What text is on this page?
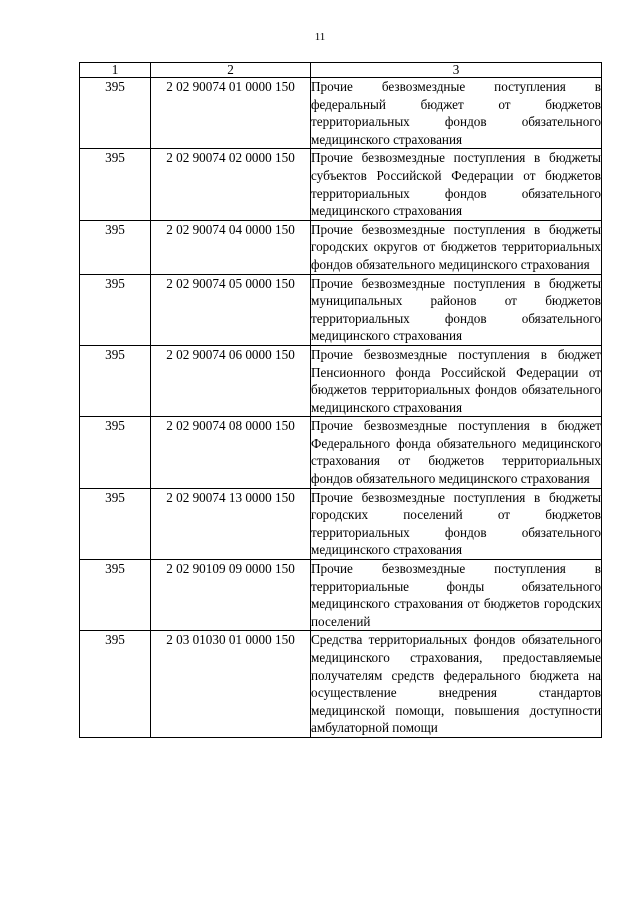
11
1	2	3
395	2 02 90074 01 0000 150	Прочие безвозмездные поступления в федеральный бюджет от бюджетов территориальных фондов обязательного медицинского страхования
395	2 02 90074 02 0000 150	Прочие безвозмездные поступления в бюджеты субъектов Российской Федерации от бюджетов территориальных фондов обязательного медицинского страхования
395	2 02 90074 04 0000 150	Прочие безвозмездные поступления в бюджеты городских округов от бюджетов территориальных фондов обязательного медицинского страхования
395	2 02 90074 05 0000 150	Прочие безвозмездные поступления в бюджеты муниципальных районов от бюджетов территориальных фондов обязательного медицинского страхования
395	2 02 90074 06 0000 150	Прочие безвозмездные поступления в бюджет Пенсионного фонда Российской Федерации от бюджетов территориальных фондов обязательного медицинского страхования
395	2 02 90074 08 0000 150	Прочие безвозмездные поступления в бюджет Федерального фонда обязательного медицинского страхования от бюджетов территориальных фондов обязательного медицинского страхования
395	2 02 90074 13 0000 150	Прочие безвозмездные поступления в бюджеты городских поселений от бюджетов территориальных фондов обязательного медицинского страхования
395	2 02 90109 09 0000 150	Прочие безвозмездные поступления в территориальные фонды обязательного медицинского страхования от бюджетов городских поселений
395	2 03 01030 01 0000 150	Средства территориальных фондов обязательного медицинского страхования, предоставляемые получателям средств федерального бюджета на осуществление внедрения стандартов медицинской помощи, повышения доступности амбулаторной помощи
